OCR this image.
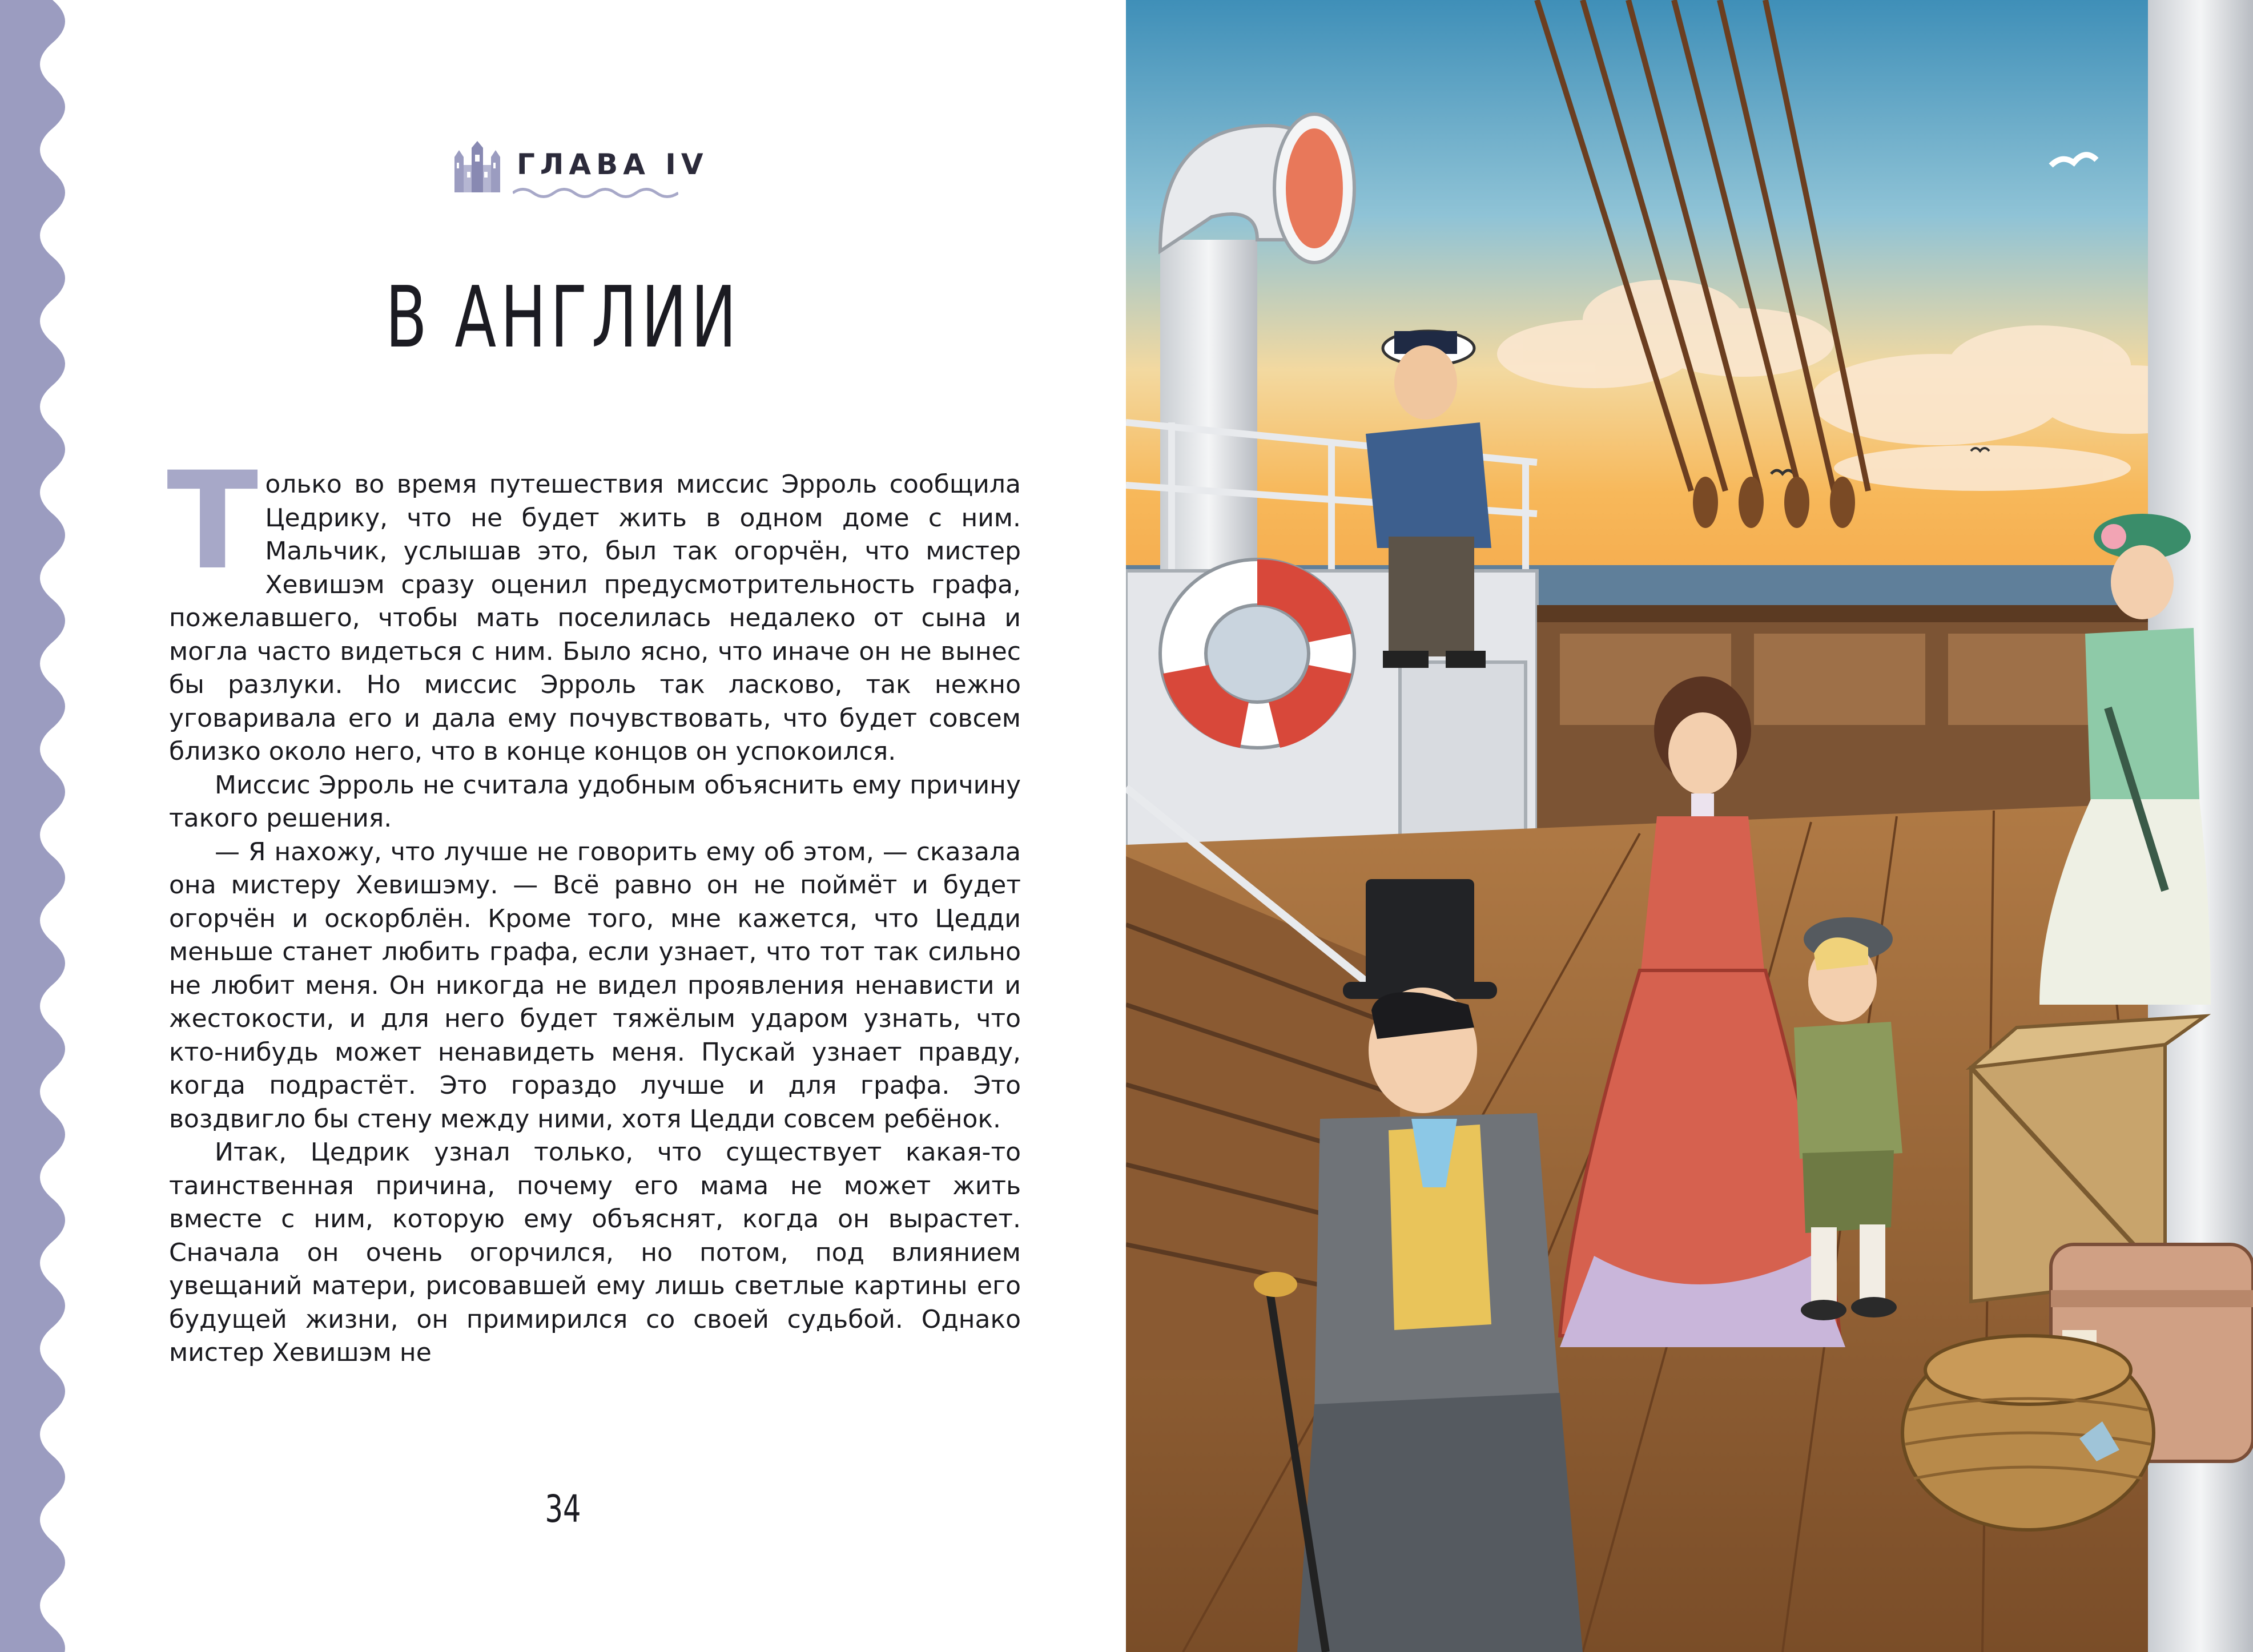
ГЛАВА IV
В АНГЛИИ

Только во время путешествия миссис Эрроль сообщила Цедрику, что не будет жить в одном доме с ним. Мальчик, услышав это, был так огорчён, что мистер Хевишэм сразу оценил предусмотрительность графа, пожелавшего, чтобы мать поселилась недалеко от сына и могла часто видеться с ним. Было ясно, что иначе он не вынес бы разлуки. Но миссис Эрроль так ласково, так нежно уговаривала его и дала ему почувствовать, что будет совсем близко около него, что в конце концов он успокоился.

Миссис Эрроль не считала удобным объяснить ему причину такого решения.

— Я нахожу, что лучше не говорить ему об этом, — сказала она мистеру Хевишэму. — Всё равно он не поймёт и будет огорчён и оскорблён. Кроме того, мне кажется, что Цедди меньше станет любить графа, если узнает, что тот так сильно не любит меня. Он никогда не видел проявления ненависти и жестокости, и для него будет тяжёлым ударом узнать, что кто-нибудь может ненавидеть меня. Пускай узнает правду, когда подрастёт. Это гораздо лучше и для графа. Это воздвигло бы стену между ними, хотя Цедди совсем ребёнок.

Итак, Цедрик узнал только, что существует какая-то таинственная причина, почему его мама не может жить вместе с ним, которую ему объяснят, когда он вырастет. Сначала он очень огорчился, но потом, под влиянием увещаний матери, рисовавшей ему лишь светлые картины его будущей жизни, он примирился со своей судьбой. Однако мистер Хевишэм не

34
